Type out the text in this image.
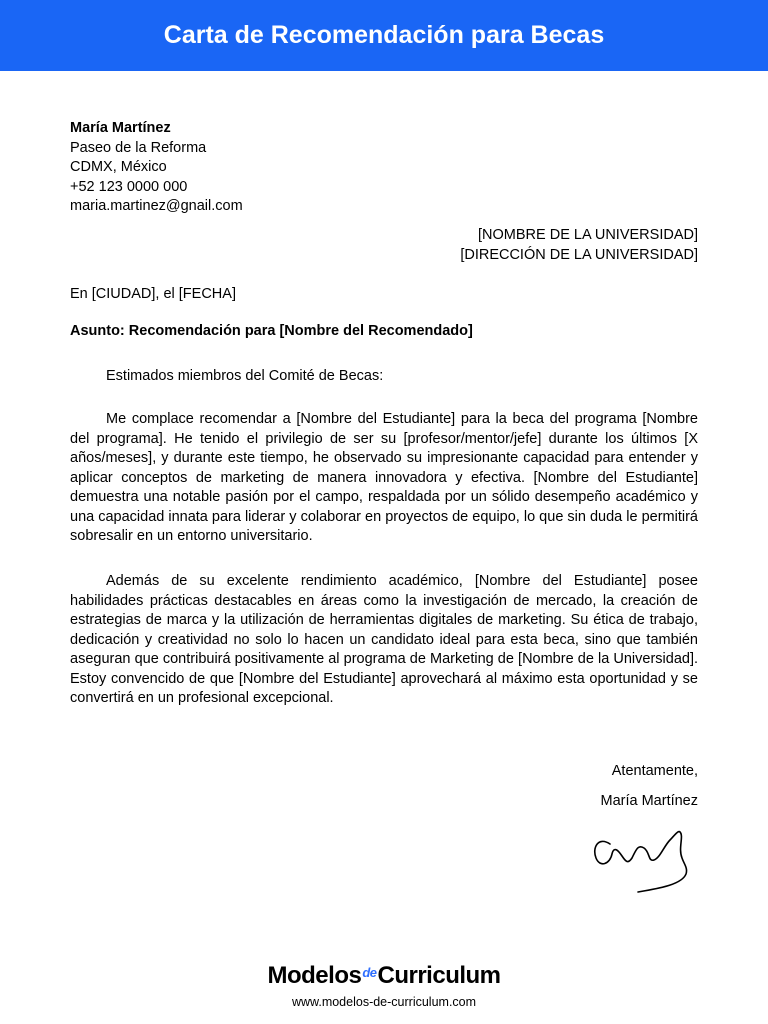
Carta de Recomendación para Becas
María Martínez
Paseo de la Reforma
CDMX, México
+52 123 0000 000
maria.martinez@gnail.com
[NOMBRE DE LA UNIVERSIDAD]
[DIRECCIÓN DE LA UNIVERSIDAD]
En [CIUDAD], el [FECHA]
Asunto: Recomendación para [Nombre del Recomendado]
Estimados miembros del Comité de Becas:

Me complace recomendar a [Nombre del Estudiante] para la beca del programa [Nombre del programa]. He tenido el privilegio de ser su [profesor/mentor/jefe] durante los últimos [X años/meses], y durante este tiempo, he observado su impresionante capacidad para entender y aplicar conceptos de marketing de manera innovadora y efectiva. [Nombre del Estudiante] demuestra una notable pasión por el campo, respaldada por un sólido desempeño académico y una capacidad innata para liderar y colaborar en proyectos de equipo, lo que sin duda le permitirá sobresalir en un entorno universitario.

Además de su excelente rendimiento académico, [Nombre del Estudiante] posee habilidades prácticas destacables en áreas como la investigación de mercado, la creación de estrategias de marca y la utilización de herramientas digitales de marketing. Su ética de trabajo, dedicación y creatividad no solo lo hacen un candidato ideal para esta beca, sino que también aseguran que contribuirá positivamente al programa de Marketing de [Nombre de la Universidad]. Estoy convencido de que [Nombre del Estudiante] aprovechará al máximo esta oportunidad y se convertirá en un profesional excepcional.

Atentamente,
María Martínez
Modelos$^{de}$Curriculum
www.modelos-de-curriculum.com
